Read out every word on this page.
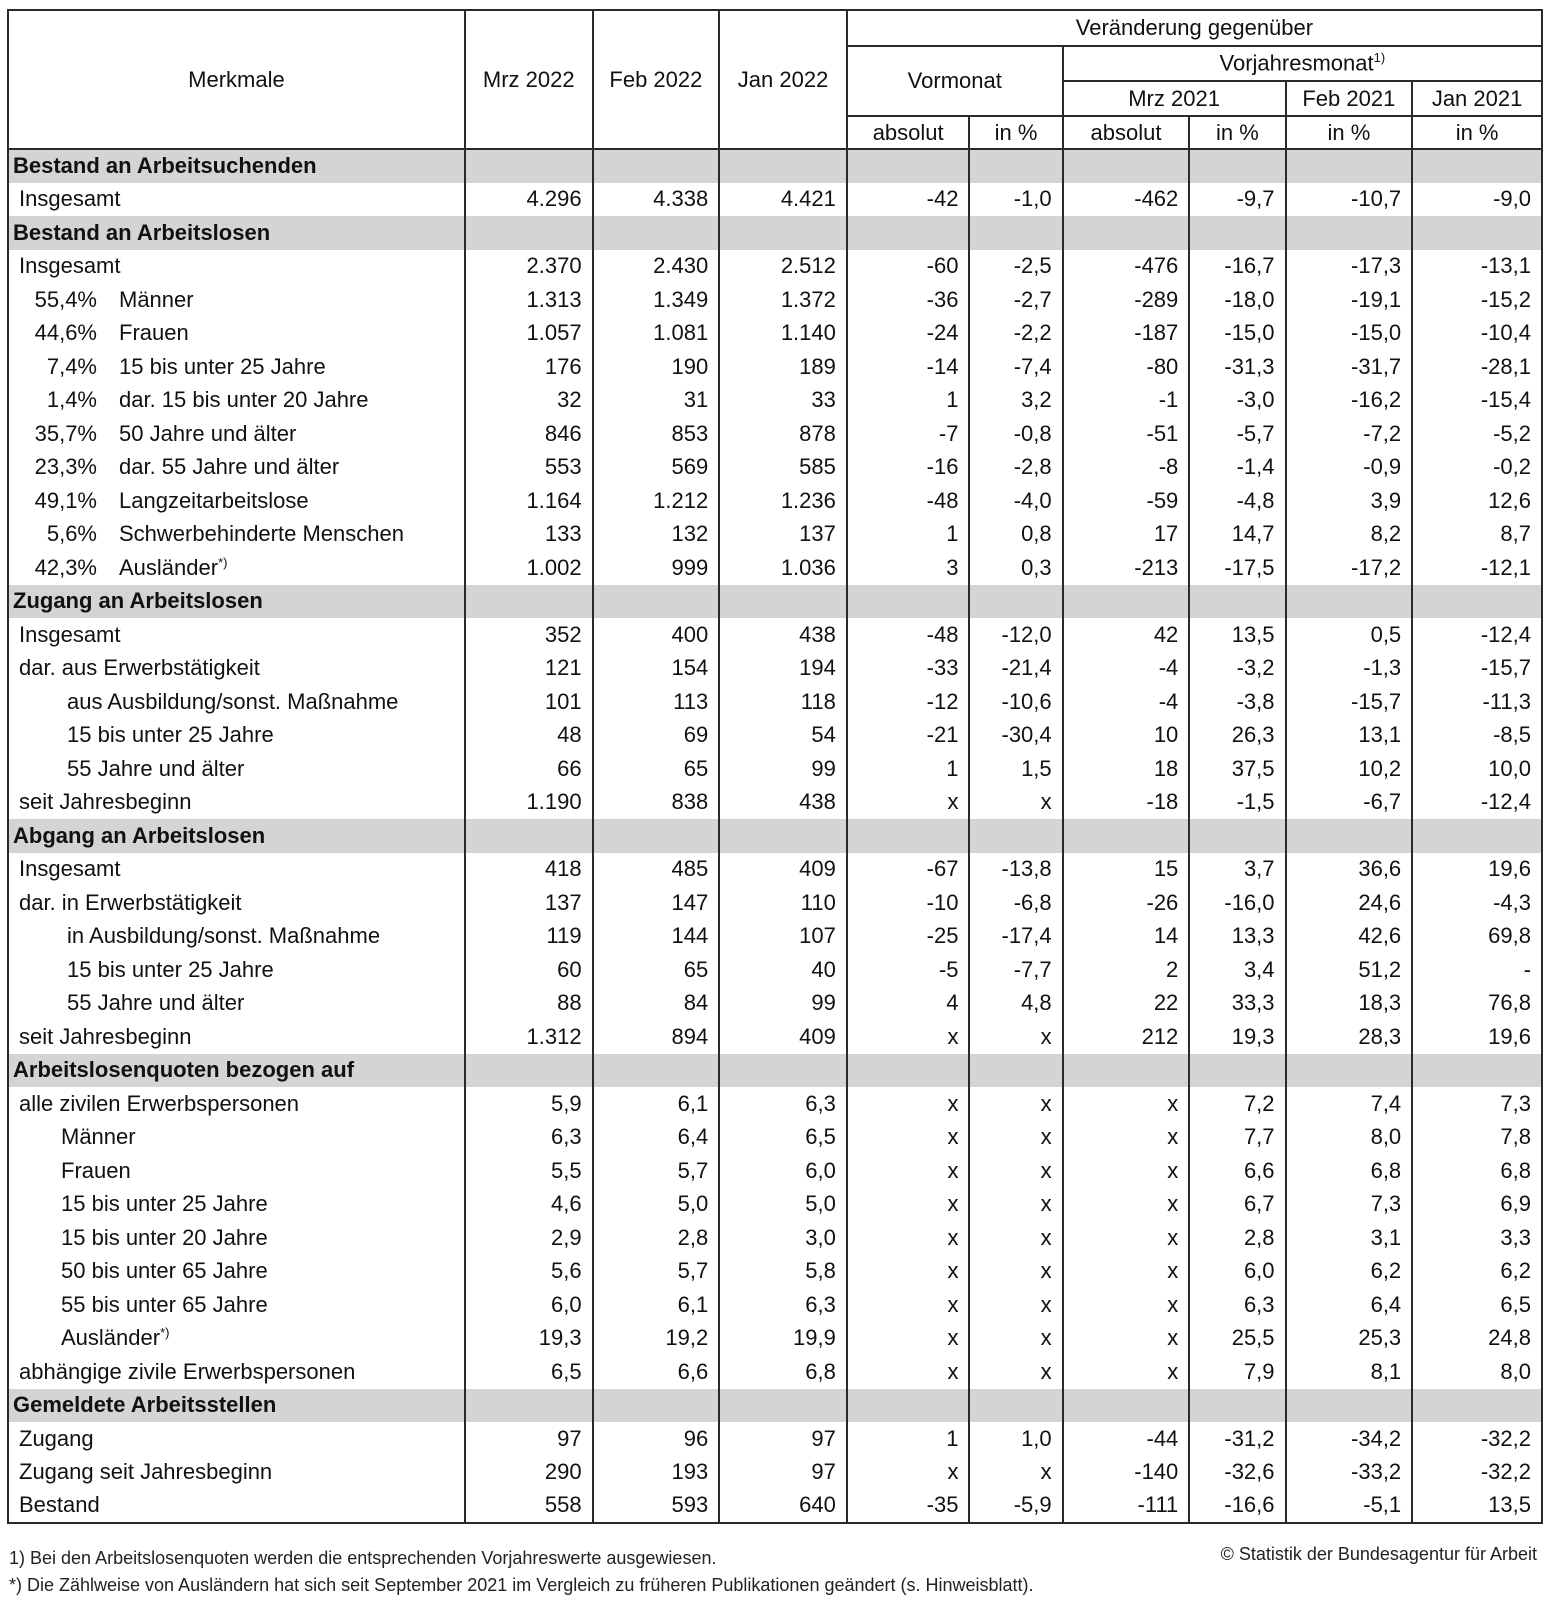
Merkmale	Mrz 2022	Feb 2022	Jan 2022	Veränderung gegenüber					
				Vormonat		Vorjahresmonat$^{1)}$
						Mrz 2021		Feb 2021	Jan 2021
				absolut	in %	absolut	in %	in %	in %
Bestand an Arbeitsuchenden									
Insgesamt	4.296	4.338	4.421	-42	-1,0	-462	-9,7	-10,7	-9,0
Bestand an Arbeitslosen									
Insgesamt	2.370	2.430	2.512	-60	-2,5	-476	-16,7	-17,3	-13,1
55,4% Männer	1.313	1.349	1.372	-36	-2,7	-289	-18,0	-19,1	-15,2
44,6% Frauen	1.057	1.081	1.140	-24	-2,2	-187	-15,0	-15,0	-10,4
7,4% 15 bis unter 25 Jahre	176	190	189	-14	-7,4	-80	-31,3	-31,7	-28,1
1,4% dar. 15 bis unter 20 Jahre	32	31	33	1	3,2	-1	-3,0	-16,2	-15,4
35,7% 50 Jahre und älter	846	853	878	-7	-0,8	-51	-5,7	-7,2	-5,2
23,3% dar. 55 Jahre und älter	553	569	585	-16	-2,8	-8	-1,4	-0,9	-0,2
49,1% Langzeitarbeitslose	1.164	1.212	1.236	-48	-4,0	-59	-4,8	3,9	12,6
5,6% Schwerbehinderte Menschen	133	132	137	1	0,8	17	14,7	8,2	8,7
42,3% Ausländer*)	1.002	999	1.036	3	0,3	-213	-17,5	-17,2	-12,1
Zugang an Arbeitslosen									
Insgesamt	352	400	438	-48	-12,0	42	13,5	0,5	-12,4
dar. aus Erwerbstätigkeit	121	154	194	-33	-21,4	-4	-3,2	-1,3	-15,7
aus Ausbildung/sonst. Maßnahme	101	113	118	-12	-10,6	-4	-3,8	-15,7	-11,3
15 bis unter 25 Jahre	48	69	54	-21	-30,4	10	26,3	13,1	-8,5
55 Jahre und älter	66	65	99	1	1,5	18	37,5	10,2	10,0
seit Jahresbeginn	1.190	838	438	x	x	-18	-1,5	-6,7	-12,4
Abgang an Arbeitslosen									
Insgesamt	418	485	409	-67	-13,8	15	3,7	36,6	19,6
dar. in Erwerbstätigkeit	137	147	110	-10	-6,8	-26	-16,0	24,6	-4,3
in Ausbildung/sonst. Maßnahme	119	144	107	-25	-17,4	14	13,3	42,6	69,8
15 bis unter 25 Jahre	60	65	40	-5	-7,7	2	3,4	51,2	-
55 Jahre und älter	88	84	99	4	4,8	22	33,3	18,3	76,8
seit Jahresbeginn	1.312	894	409	x	x	212	19,3	28,3	19,6
Arbeitslosenquoten bezogen auf									
alle zivilen Erwerbspersonen	5,9	6,1	6,3	x	x	x	7,2	7,4	7,3
Männer	6,3	6,4	6,5	x	x	x	7,7	8,0	7,8
Frauen	5,5	5,7	6,0	x	x	x	6,6	6,8	6,8
15 bis unter 25 Jahre	4,6	5,0	5,0	x	x	x	6,7	7,3	6,9
15 bis unter 20 Jahre	2,9	2,8	3,0	x	x	x	2,8	3,1	3,3
50 bis unter 65 Jahre	5,6	5,7	5,8	x	x	x	6,0	6,2	6,2
55 bis unter 65 Jahre	6,0	6,1	6,3	x	x	x	6,3	6,4	6,5
Ausländer*)	19,3	19,2	19,9	x	x	x	25,5	25,3	24,8
abhängige zivile Erwerbspersonen	6,5	6,6	6,8	x	x	x	7,9	8,1	8,0
Gemeldete Arbeitsstellen									
Zugang	97	96	97	1	1,0	-44	-31,2	-34,2	-32,2
Zugang seit Jahresbeginn	290	193	97	x	x	-140	-32,6	-33,2	-32,2
Bestand	558	593	640	-35	-5,9	-111	-16,6	-5,1	13,5
1) Bei den Arbeitslosenquoten werden die entsprechenden Vorjahreswerte ausgewiesen.	© Statistik der Bundesagentur für Arbeit
*) Die Zählweise von Ausländern hat sich seit September 2021 im Vergleich zu früheren Publikationen geändert (s. Hinweisblatt).
